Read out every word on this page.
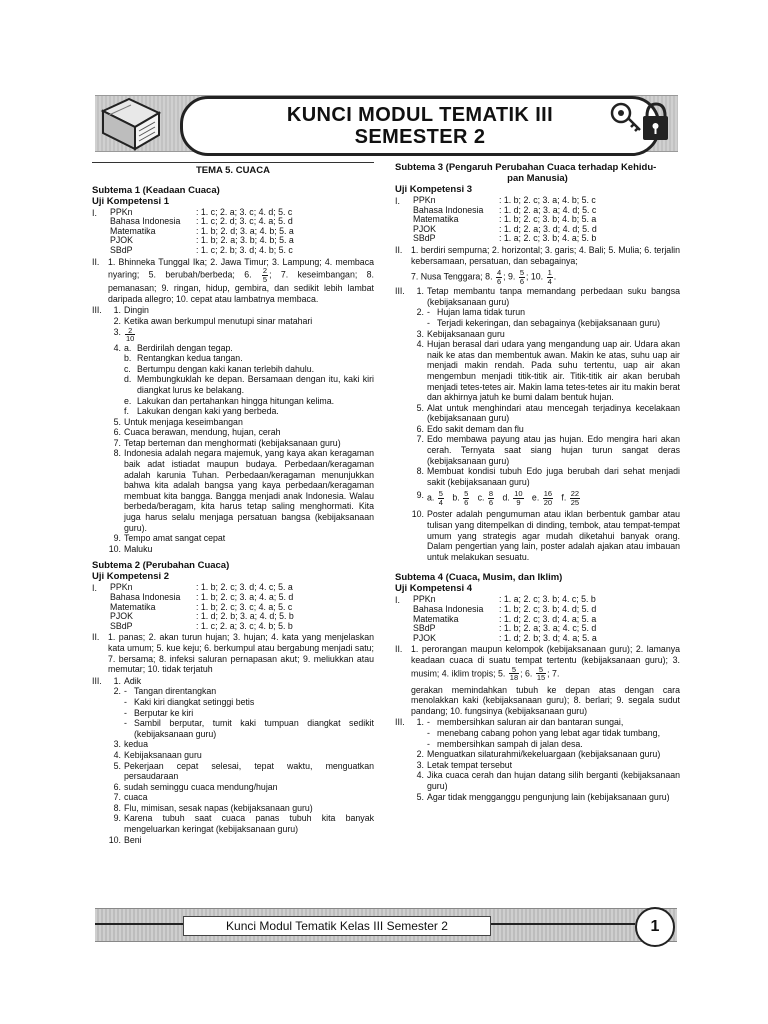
KUNCI MODUL TEMATIK III
SEMESTER 2
TEMA 5. CUACA
Subtema 1 (Keadaan Cuaca)
Uji Kompetensi 1
I.	PPKn	: 1. c; 2. a; 3. c; 4. d; 5. c
Bahasa Indonesia	: 1. c; 2. d; 3. c; 4. a; 5. d
Matematika	: 1. b; 2. d; 3. a; 4. b; 5. a
PJOK	: 1. b; 2. a; 3. b; 4. b; 5. a
SBdP	: 1. c; 2. b; 3. d; 4. b; 5. c
II. 1. Bhinneka Tunggal Ika; 2. Jawa Timur; 3. Lampung; 4. membaca nyaring; 5. berubah/berbeda; 6. $\frac{2}{5}$ ; 7. keseimbangan; 8. pemanasan; 9. ringan, hidup, gembira, dan sedikit lebih lambat daripada allegro; 10. cepat atau lambatnya membaca.
III.	1. Dingin
2. Ketika awan berkumpul menutupi sinar matahari
3. $\frac{2}{10}$
4. a. Berdirilah dengan tegap.
b. Rentangkan kedua tangan.
c. Bertumpu dengan kaki kanan terlebih dahulu.
d. Membungkuklah ke depan. Bersamaan dengan itu, kaki kiri diangkat lurus ke belakang.
e. Lakukan dan pertahankan hingga hitungan kelima.
f. Lakukan dengan kaki yang berbeda.
5. Untuk menjaga keseimbangan
6. Cuaca berawan, mendung, hujan, cerah
7. Tetap berteman dan menghormati (kebijaksanaan guru)
8. Indonesia adalah negara majemuk, yang kaya akan keragaman baik adat istiadat maupun budaya. Perbedaan/keragaman adalah karunia Tuhan. Perbedaan/keragaman menunjukkan bahwa kita adalah bangsa yang kaya perbedaan/keragaman membuat kita bangga. Bangga menjadi anak Indonesia. Walau berbeda/beragam, kita harus tetap saling menghormati. Kita juga harus selalu menjaga persatuan bangsa (kebijaksanaan guru).
9. Tempo amat sangat cepat
10. Maluku
Subtema 2 (Perubahan Cuaca)
Uji Kompetensi 2
I.	PPKn	: 1. b; 2. c; 3. d; 4. c; 5. a
Bahasa Indonesia	: 1. b; 2. c; 3. a; 4. a; 5. d
Matematika	: 1. b; 2. c; 3. c; 4. a; 5. c
PJOK	: 1. d; 2. b; 3. a; 4. d; 5. b
SBdP	: 1. c; 2. a; 3. c; 4. b; 5. b
II. 1. panas; 2. akan turun hujan; 3. hujan; 4. kata yang menjelaskan kata umum; 5. kue keju; 6. berkumpul atau bergabung menjadi satu; 7. bersama; 8. infeksi saluran pernapasan akut; 9. meliukkan atau memutar; 10. tidak terjatuh
III.	1. Adik
2. - Tangan direntangkan
- Kaki kiri diangkat setinggi betis
- Berputar ke kiri
- Sambil berputar, tumit kaki tumpuan diangkat sedikit (kebijaksanaan guru)
3. kedua
4. Kebijaksanaan guru
5. Pekerjaan cepat selesai, tepat waktu, menguatkan persaudaraan
6. sudah seminggu cuaca mendung/hujan
7. cuaca
8. Flu, mimisan, sesak napas (kebijaksanaan guru)
9. Karena tubuh saat cuaca panas tubuh kita banyak mengeluarkan keringat (kebijaksanaan guru)
10. Beni
Subtema 3 (Pengaruh Perubahan Cuaca terhadap Kehidu-
pan Manusia)
Uji Kompetensi 3
I.	PPKn	: 1. b; 2. c; 3. a; 4. b; 5. c
Bahasa Indonesia	: 1. d; 2. a; 3. a; 4. d; 5. c
Matematika	: 1. b; 2. c; 3. b; 4. b; 5. a
PJOK	: 1. d; 2. a; 3. d; 4. d; 5. d
SBdP	: 1. a; 2. c; 3. b; 4. a; 5. b
II. 1. berdiri sempurna; 2. horizontal; 3. garis; 4. Bali; 5. Mulia; 6. terjalin kebersamaan, persatuan, dan sebagainya;
7. Nusa Tenggara; 8. $\frac{4}{6}$ ; 9. $\frac{5}{6}$ ; 10. $\frac{1}{4}$ .
III.	1. Tetap membantu tanpa memandang perbedaan suku bangsa (kebijaksanaan guru)
2. - Hujan lama tidak turun
- Terjadi kekeringan, dan sebagainya (kebijaksanaan guru)
3. Kebijaksanaan guru
4. Hujan berasal dari udara yang mengandung uap air. Udara akan naik ke atas dan membentuk awan. Makin ke atas, suhu uap air menjadi makin rendah. Pada suhu tertentu, uap air akan mengembun menjadi titik-titik air. Titik-titik air akan berubah menjadi tetes-tetes air. Makin lama tetes-tetes air itu makin berat dan akhirnya jatuh ke bumi dalam bentuk hujan.
5. Alat untuk menghindari atau mencegah terjadinya kecelakaan (kebijaksanaan guru)
6. Edo sakit demam dan flu
7. Edo membawa payung atau jas hujan. Edo mengira hari akan cerah. Ternyata saat siang hujan turun sangat deras (kebijaksanaan guru)
8. Membuat kondisi tubuh Edo juga berubah dari sehat menjadi sakit (kebijaksanaan guru)
9. a. $\frac{5}{4} b$. $\frac{5}{6} c$. $\frac{8}{6} d$. $\frac{10}{9} e$. $\frac{16}{20} f$. $\frac{22}{25}$
10. Poster adalah pengumuman atau iklan berbentuk gambar atau tulisan yang ditempelkan di dinding, tembok, atau tempat-tempat umum yang strategis agar mudah diketahui banyak orang. Dalam pengertian yang lain, poster adalah ajakan atau imbauan untuk melakukan sesuatu.
Subtema 4 (Cuaca, Musim, dan Iklim)
Uji Kompetensi 4
I.	PPKn	: 1. a; 2. c; 3. b; 4. c; 5. b
Bahasa Indonesia	: 1. b; 2. c; 3. b; 4. d; 5. d
Matematika	: 1. d; 2. c; 3. d; 4. a; 5. a
SBdP	: 1. b; 2. a; 3. a; 4. c; 5. d
PJOK	: 1. d; 2. b; 3. d; 4. a; 5. a
II. 1. perorangan maupun kelompok (kebijaksanaan guru); 2. lamanya keadaan cuaca di suatu tempat tertentu (kebijaksanaan guru); 3. musim; 4. iklim tropis; 5. $\frac{5}{18}$ ; 6. $\frac{5}{15}$ ; 7.
gerakan memindahkan tubuh ke depan atas dengan cara menolakkan kaki (kebijaksanaan guru); 8. berlari; 9. segala sudut pandang; 10. fungsinya (kebijaksanaan guru)
III.	1. - membersihkan saluran air dan bantaran sungai,
- menebang cabang pohon yang lebat agar tidak tumbang,
- membersihkan sampah di jalan desa.
2. Menguatkan silaturahmi/kekeluargaan (kebijaksanaan guru)
3. Letak tempat tersebut
4. Jika cuaca cerah dan hujan datang silih berganti (kebijaksanaan guru)
5. Agar tidak mengganggu pengunjung lain (kebijaksanaan guru)
Kunci Modul Tematik Kelas III Semester 2	1
